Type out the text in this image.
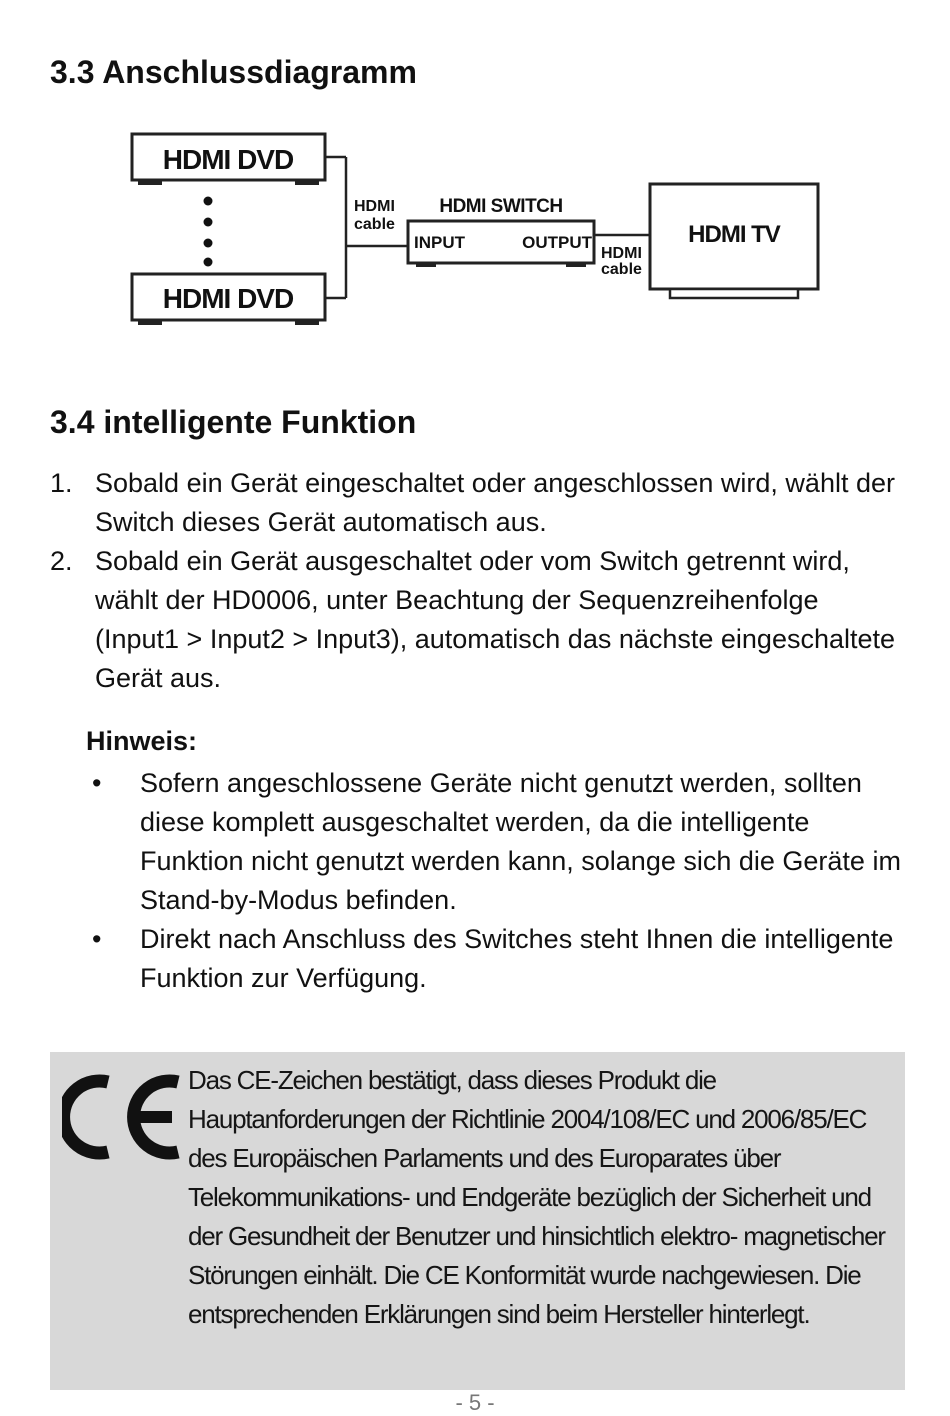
3.3 Anschlussdiagramm
HDMI DVD
HDMI DVD
HDMI
cable
HDMI SWITCH
INPUT	OUTPUT
HDMI
cable
HDMI TV
3.4 intelligente Funktion
1. Sobald ein Gerät eingeschaltet oder angeschlossen wird, wählt der Switch dieses Gerät automatisch aus.
2. Sobald ein Gerät ausgeschaltet oder vom Switch getrennt wird, wählt der HD0006, unter Beachtung der Sequenzreihenfolge (Input1 > Input2 > Input3), automatisch das nächste eingeschaltete Gerät aus.
Hinweis:
•	Sofern angeschlossene Geräte nicht genutzt werden, sollten diese komplett ausgeschaltet werden, da die intelligente Funktion nicht genutzt werden kann, solange sich die Geräte im Stand-by-Modus befinden.
•	Direkt nach Anschluss des Switches steht Ihnen die intelligente Funktion zur Verfügung.
Das CE-Zeichen bestätigt, dass dieses Produkt die Hauptanforderungen der Richtlinie 2004/108/EC und 2006/85/EC des Europäischen Parlaments und des Europarates über Telekommunikations- und Endgeräte bezüglich der Sicherheit und der Gesundheit der Benutzer und hinsichtlich elektro- magnetischer Störungen einhält. Die CE Konformität wurde nachgewiesen. Die entsprechenden Erklärungen sind beim Hersteller hinterlegt.
- 5 -
